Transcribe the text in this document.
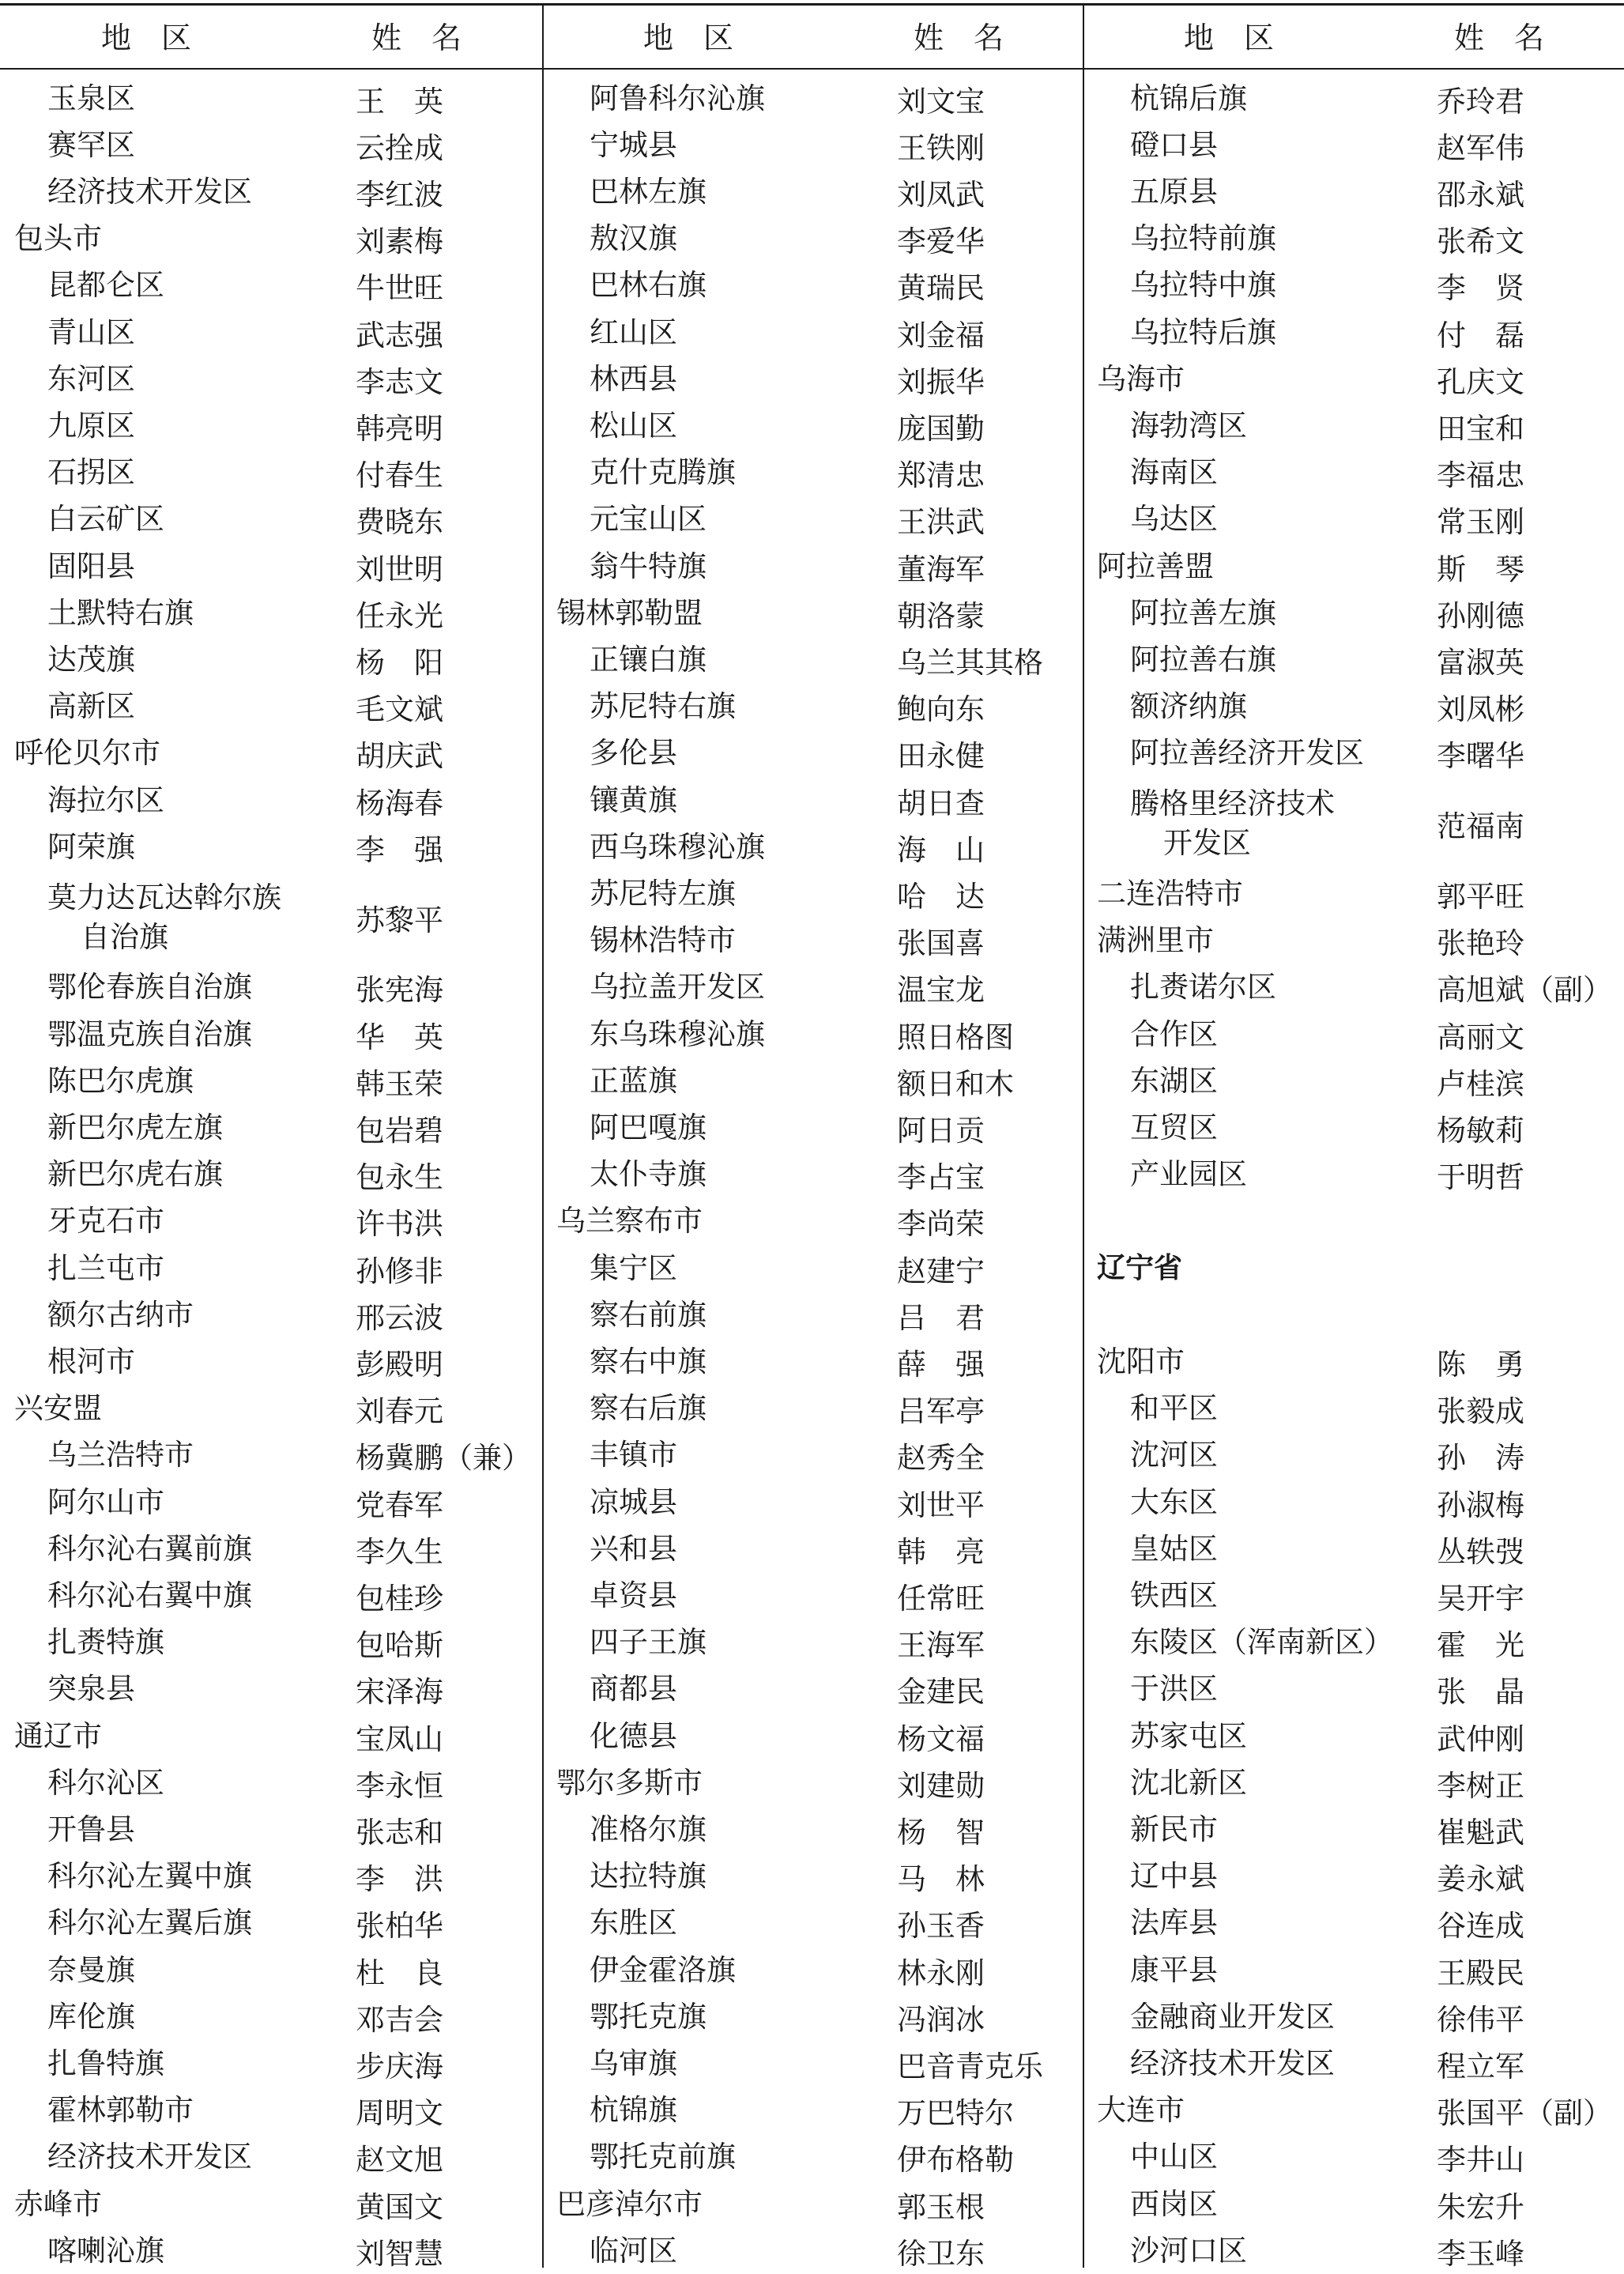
地　区	姓　名
玉泉区	王　英
赛罕区	云拴成
经济技术开发区	李红波
包头市	刘素梅
昆都仑区	牛世旺
青山区	武志强
东河区	李志文
九原区	韩亮明
石拐区	付春生
白云矿区	费晓东
固阳县	刘世明
土默特右旗	任永光
达茂旗	杨　阳
高新区	毛文斌
呼伦贝尔市	胡庆武
海拉尔区	杨海春
阿荣旗	李　强
莫力达瓦达斡尔族
自治旗	苏黎平
鄂伦春族自治旗	张宪海
鄂温克族自治旗	华　英
陈巴尔虎旗	韩玉荣
新巴尔虎左旗	包岩碧
新巴尔虎右旗	包永生
牙克石市	许书洪
扎兰屯市	孙修非
额尔古纳市	邢云波
根河市	彭殿明
兴安盟	刘春元
乌兰浩特市	杨冀鹏（兼）
阿尔山市	党春军
科尔沁右翼前旗	李久生
科尔沁右翼中旗	包桂珍
扎赉特旗	包哈斯
突泉县	宋泽海
通辽市	宝凤山
科尔沁区	李永恒
开鲁县	张志和
科尔沁左翼中旗	李　洪
科尔沁左翼后旗	张柏华
奈曼旗	杜　良
库伦旗	邓吉会
扎鲁特旗	步庆海
霍林郭勒市	周明文
经济技术开发区	赵文旭
赤峰市	黄国文
喀喇沁旗	刘智慧
地　区	姓　名
阿鲁科尔沁旗	刘文宝
宁城县	王铁刚
巴林左旗	刘凤武
敖汉旗	李爱华
巴林右旗	黄瑞民
红山区	刘金福
林西县	刘振华
松山区	庞国勤
克什克腾旗	郑清忠
元宝山区	王洪武
翁牛特旗	董海军
锡林郭勒盟	朝洛蒙
正镶白旗	乌兰其其格
苏尼特右旗	鲍向东
多伦县	田永健
镶黄旗	胡日查
西乌珠穆沁旗	海　山
苏尼特左旗	哈　达
锡林浩特市	张国喜
乌拉盖开发区	温宝龙
东乌珠穆沁旗	照日格图
正蓝旗	额日和木
阿巴嘎旗	阿日贡
太仆寺旗	李占宝
乌兰察布市	李尚荣
集宁区	赵建宁
察右前旗	吕　君
察右中旗	薛　强
察右后旗	吕军亭
丰镇市	赵秀全
凉城县	刘世平
兴和县	韩　亮
卓资县	任常旺
四子王旗	王海军
商都县	金建民
化德县	杨文福
鄂尔多斯市	刘建勋
准格尔旗	杨　智
达拉特旗	马　林
东胜区	孙玉香
伊金霍洛旗	林永刚
鄂托克旗	冯润冰
乌审旗	巴音青克乐
杭锦旗	万巴特尔
鄂托克前旗	伊布格勒
巴彦淖尔市	郭玉根
临河区	徐卫东
地　区	姓　名
杭锦后旗	乔玲君
磴口县	赵军伟
五原县	邵永斌
乌拉特前旗	张希文
乌拉特中旗	李　贤
乌拉特后旗	付　磊
乌海市	孔庆文
海勃湾区	田宝和
海南区	李福忠
乌达区	常玉刚
阿拉善盟	斯　琴
阿拉善左旗	孙刚德
阿拉善右旗	富淑英
额济纳旗	刘凤彬
阿拉善经济开发区 李曙华
腾格里经济技术
开发区	范福南
二连浩特市	郭平旺
满洲里市	张艳玲
扎赉诺尔区	高旭斌（副）
合作区	高丽文
东湖区	卢桂滨
互贸区	杨敏莉
产业园区	于明哲
辽宁省
沈阳市	陈　勇
和平区	张毅成
沈河区	孙　涛
大东区	孙淑梅
皇姑区	丛轶弢
铁西区	吴开宇
东陵区（浑南新区） 霍　光
于洪区	张　晶
苏家屯区	武仲刚
沈北新区	李树正
新民市	崔魁武
辽中县	姜永斌
法库县	谷连成
康平县	王殿民
金融商业开发区	徐伟平
经济技术开发区	程立军
大连市	张国平（副）
中山区	李井山
西岗区	朱宏升
沙河口区	李玉峰
